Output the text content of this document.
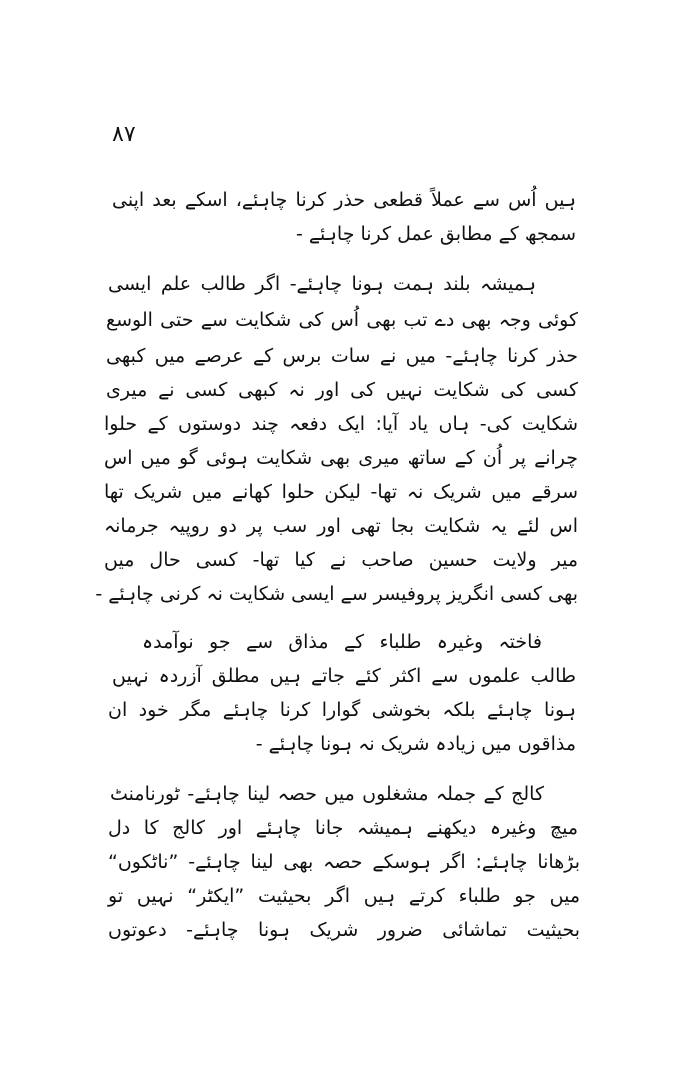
۸۷
ہیں اُس سے عملاً قطعی حذر کرنا چاہئے، اسکے بعد اپنی
سمجھ کے مطابق عمل کرنا چاہئے -
ہمیشہ بلند ہمت ہونا چاہئے- اگر طالب علم ایسی
کوئی وجہ بھی دے تب بھی اُس کی شکایت سے حتی الوسع
حذر کرنا چاہئے- میں نے سات برس کے عرصے میں کبھی
کسی کی شکایت نہیں کی اور نہ کبھی کسی نے میری
شکایت کی- ہاں یاد آیا: ایک دفعہ چند دوستوں کے حلوا
چرانے پر اُن کے ساتھ میری بھی شکایت ہوئی گو میں اس
سرقے میں شریک نہ تھا- لیکن حلوا کھانے میں شریک تھا
اس لئے یہ شکایت بجا تھی اور سب پر دو روپیہ جرمانہ
میر ولایت حسین صاحب نے کیا تھا- کسی حال میں
بھی کسی انگریز پروفیسر سے ایسی شکایت نہ کرنی چاہئے -
فاختہ وغیرہ طلباء کے مذاق سے جو نوآمدہ
طالب علموں سے اکثر کئے جاتے ہیں مطلق آزردہ نہیں
ہونا چاہئے بلکہ بخوشی گوارا کرنا چاہئے مگر خود ان
مذاقوں میں زیادہ شریک نہ ہونا چاہئے -
کالج کے جملہ مشغلوں میں حصہ لینا چاہئے- ٹورنامنٹ
میچ وغیرہ دیکھنے ہمیشہ جانا چاہئے اور کالج کا دل
بڑھانا چاہئے: اگر ہوسکے حصہ بھی لینا چاہئے- ”ناٹکوں“
میں جو طلباء کرتے ہیں اگر بحیثیت ”ایکٹر“ نہیں تو
بحیثیت تماشائی ضرور شریک ہونا چاہئے- دعوتوں
